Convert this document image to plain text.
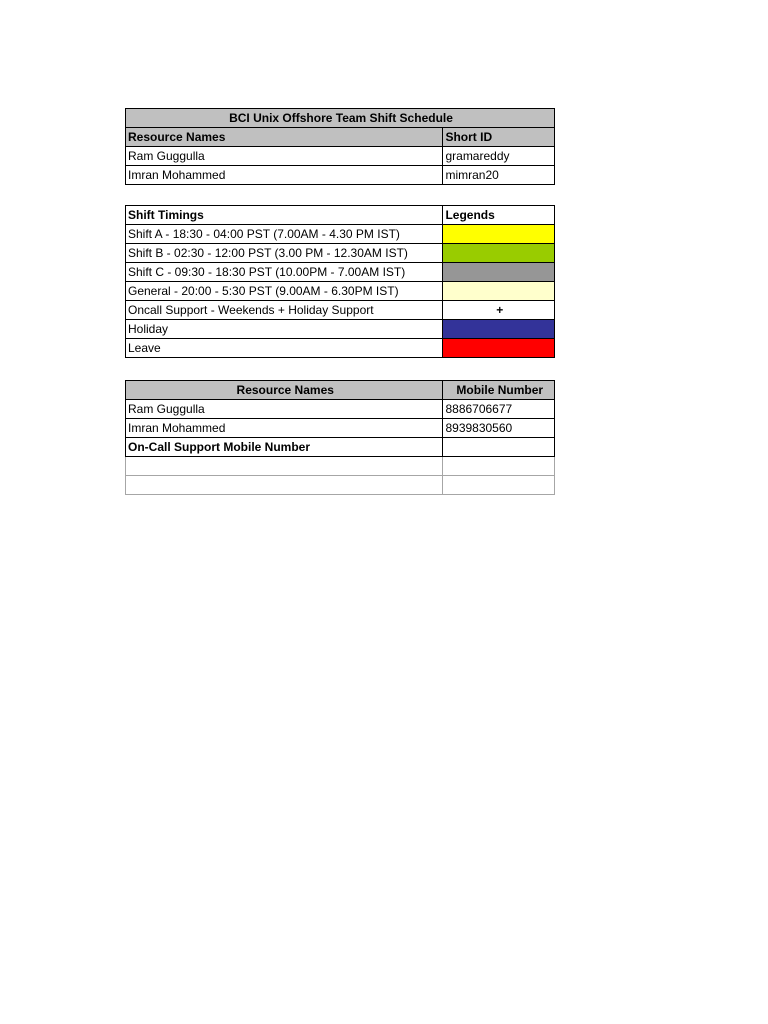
BCI Unix Offshore Team Shift Schedule	
Resource Names	Short ID
Ram Guggulla	gramareddy
Imran Mohammed	mimran20
Shift Timings	Legends
Shift A - 18:30 - 04:00 PST (7.00AM - 4.30 PM IST)	
Shift B - 02:30 - 12:00 PST (3.00 PM - 12.30AM IST)	
Shift C - 09:30 - 18:30 PST (10.00PM - 7.00AM IST)	
General - 20:00 - 5:30 PST (9.00AM - 6.30PM IST)	
Oncall Support - Weekends + Holiday Support	+
Holiday	
Leave	
Resource Names	Mobile Number
Ram Guggulla	8886706677
Imran Mohammed	8939830560
On-Call Support Mobile Number	
